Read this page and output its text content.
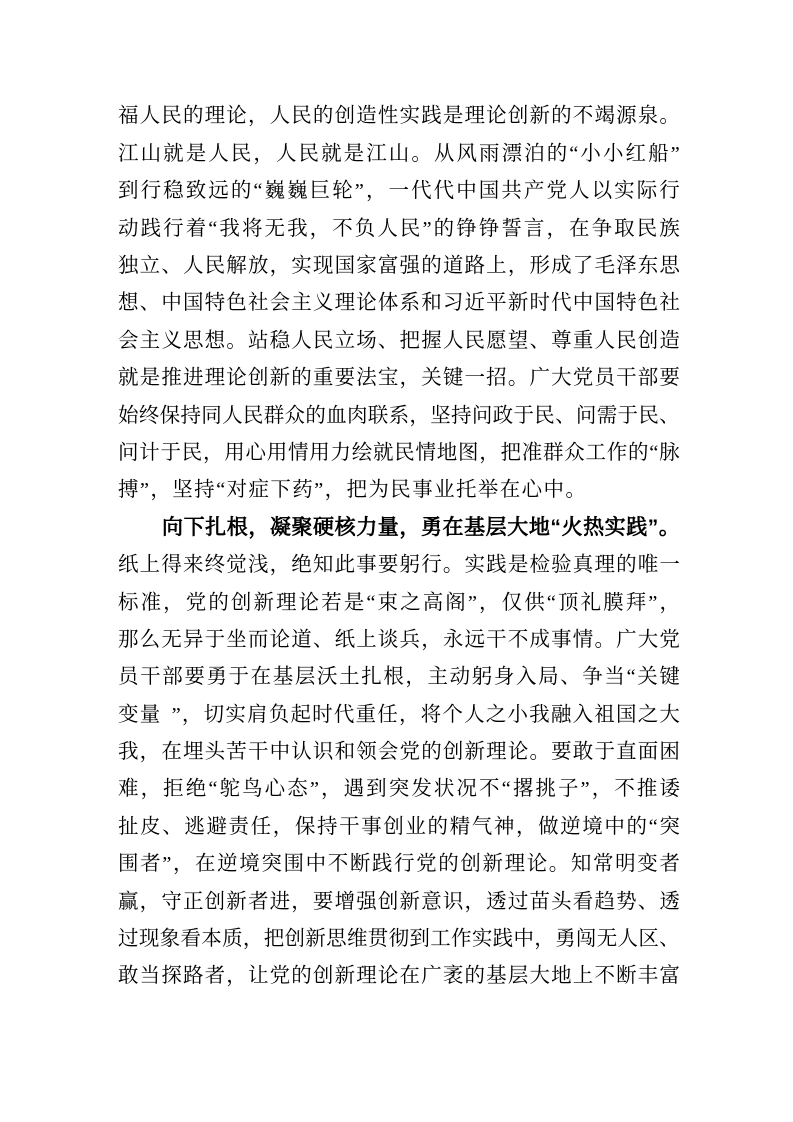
福 人 民 的 理 论 ， 人 民 的 创 造 性 实 践 是 理 论 创 新 的 不 竭 源 泉 。
江 山 就 是 人 民 ， 人 民 就 是 江 山 。 从 风 雨 漂 泊 的 “ 小 小 红 船 ”
到 行 稳 致 远 的 “ 巍 巍 巨 轮 ” ， 一 代 代 中 国 共 产 党 人 以 实 际 行
动 践 行 着 “ 我 将 无 我 ， 不 负 人 民 ” 的 铮 铮 誓 言 ， 在 争 取 民 族
独 立 、 人 民 解 放 ， 实 现 国 家 富 强 的 道 路 上 ， 形 成 了 毛 泽 东 思
想 、 中 国 特 色 社 会 主 义 理 论 体 系 和 习 近 平 新 时 代 中 国 特 色 社
会 主 义 思 想 。 站 稳 人 民 立 场 、 把 握 人 民 愿 望 、 尊 重 人 民 创 造
就 是 推 进 理 论 创 新 的 重 要 法 宝 ， 关 键 一 招 。 广 大 党 员 干 部 要
始 终 保 持 同 人 民 群 众 的 血 肉 联 系 ， 坚 持 问 政 于 民 、 问 需 于 民 、
问 计 于 民 ， 用 心 用 情 用 力 绘 就 民 情 地 图 ， 把 准 群 众 工 作 的 “ 脉
搏 ” ， 坚 持 “ 对 症 下 药 ” ， 把 为 民 事 业 托 举 在 心 中 。
向 下 扎 根 ， 凝 聚 硬 核 力 量 ， 勇 在 基 层 大 地 “ 火 热 实 践 ” 。
纸 上 得 来 终 觉 浅 ， 绝 知 此 事 要 躬 行 。 实 践 是 检 验 真 理 的 唯 一
标 准 ， 党 的 创 新 理 论 若 是 “ 束 之 高 阁 ” ， 仅 供 “ 顶 礼 膜 拜 ” ，
那 么 无 异 于 坐 而 论 道 、 纸 上 谈 兵 ， 永 远 干 不 成 事 情 。 广 大 党
员 干 部 要 勇 于 在 基 层 沃 土 扎 根 ， 主 动 躬 身 入 局 、 争 当 “ 关 键
变 量
” ， 切 实 肩 负 起 时 代 重 任 ， 将 个 人 之 小 我 融 入 祖 国 之 大
我 ， 在 埋 头 苦 干 中 认 识 和 领 会 党 的 创 新 理 论 。 要 敢 于 直 面 困
难 ， 拒 绝 “ 鸵 鸟 心 态 ” ， 遇 到 突 发 状 况 不 “ 撂 挑 子 ” ， 不 推 诿
扯 皮 、 逃 避 责 任 ， 保 持 干 事 创 业 的 精 气 神 ， 做 逆 境 中 的 “ 突
围 者 ” ， 在 逆 境 突 围 中 不 断 践 行 党 的 创 新 理 论 。 知 常 明 变 者
赢 ， 守 正 创 新 者 进 ， 要 增 强 创 新 意 识 ， 透 过 苗 头 看 趋 势 、 透
过 现 象 看 本 质 ， 把 创 新 思 维 贯 彻 到 工 作 实 践 中 ， 勇 闯 无 人 区 、
敢 当 探 路 者 ， 让 党 的 创 新 理 论 在 广 袤 的 基 层 大 地 上 不 断 丰 富
